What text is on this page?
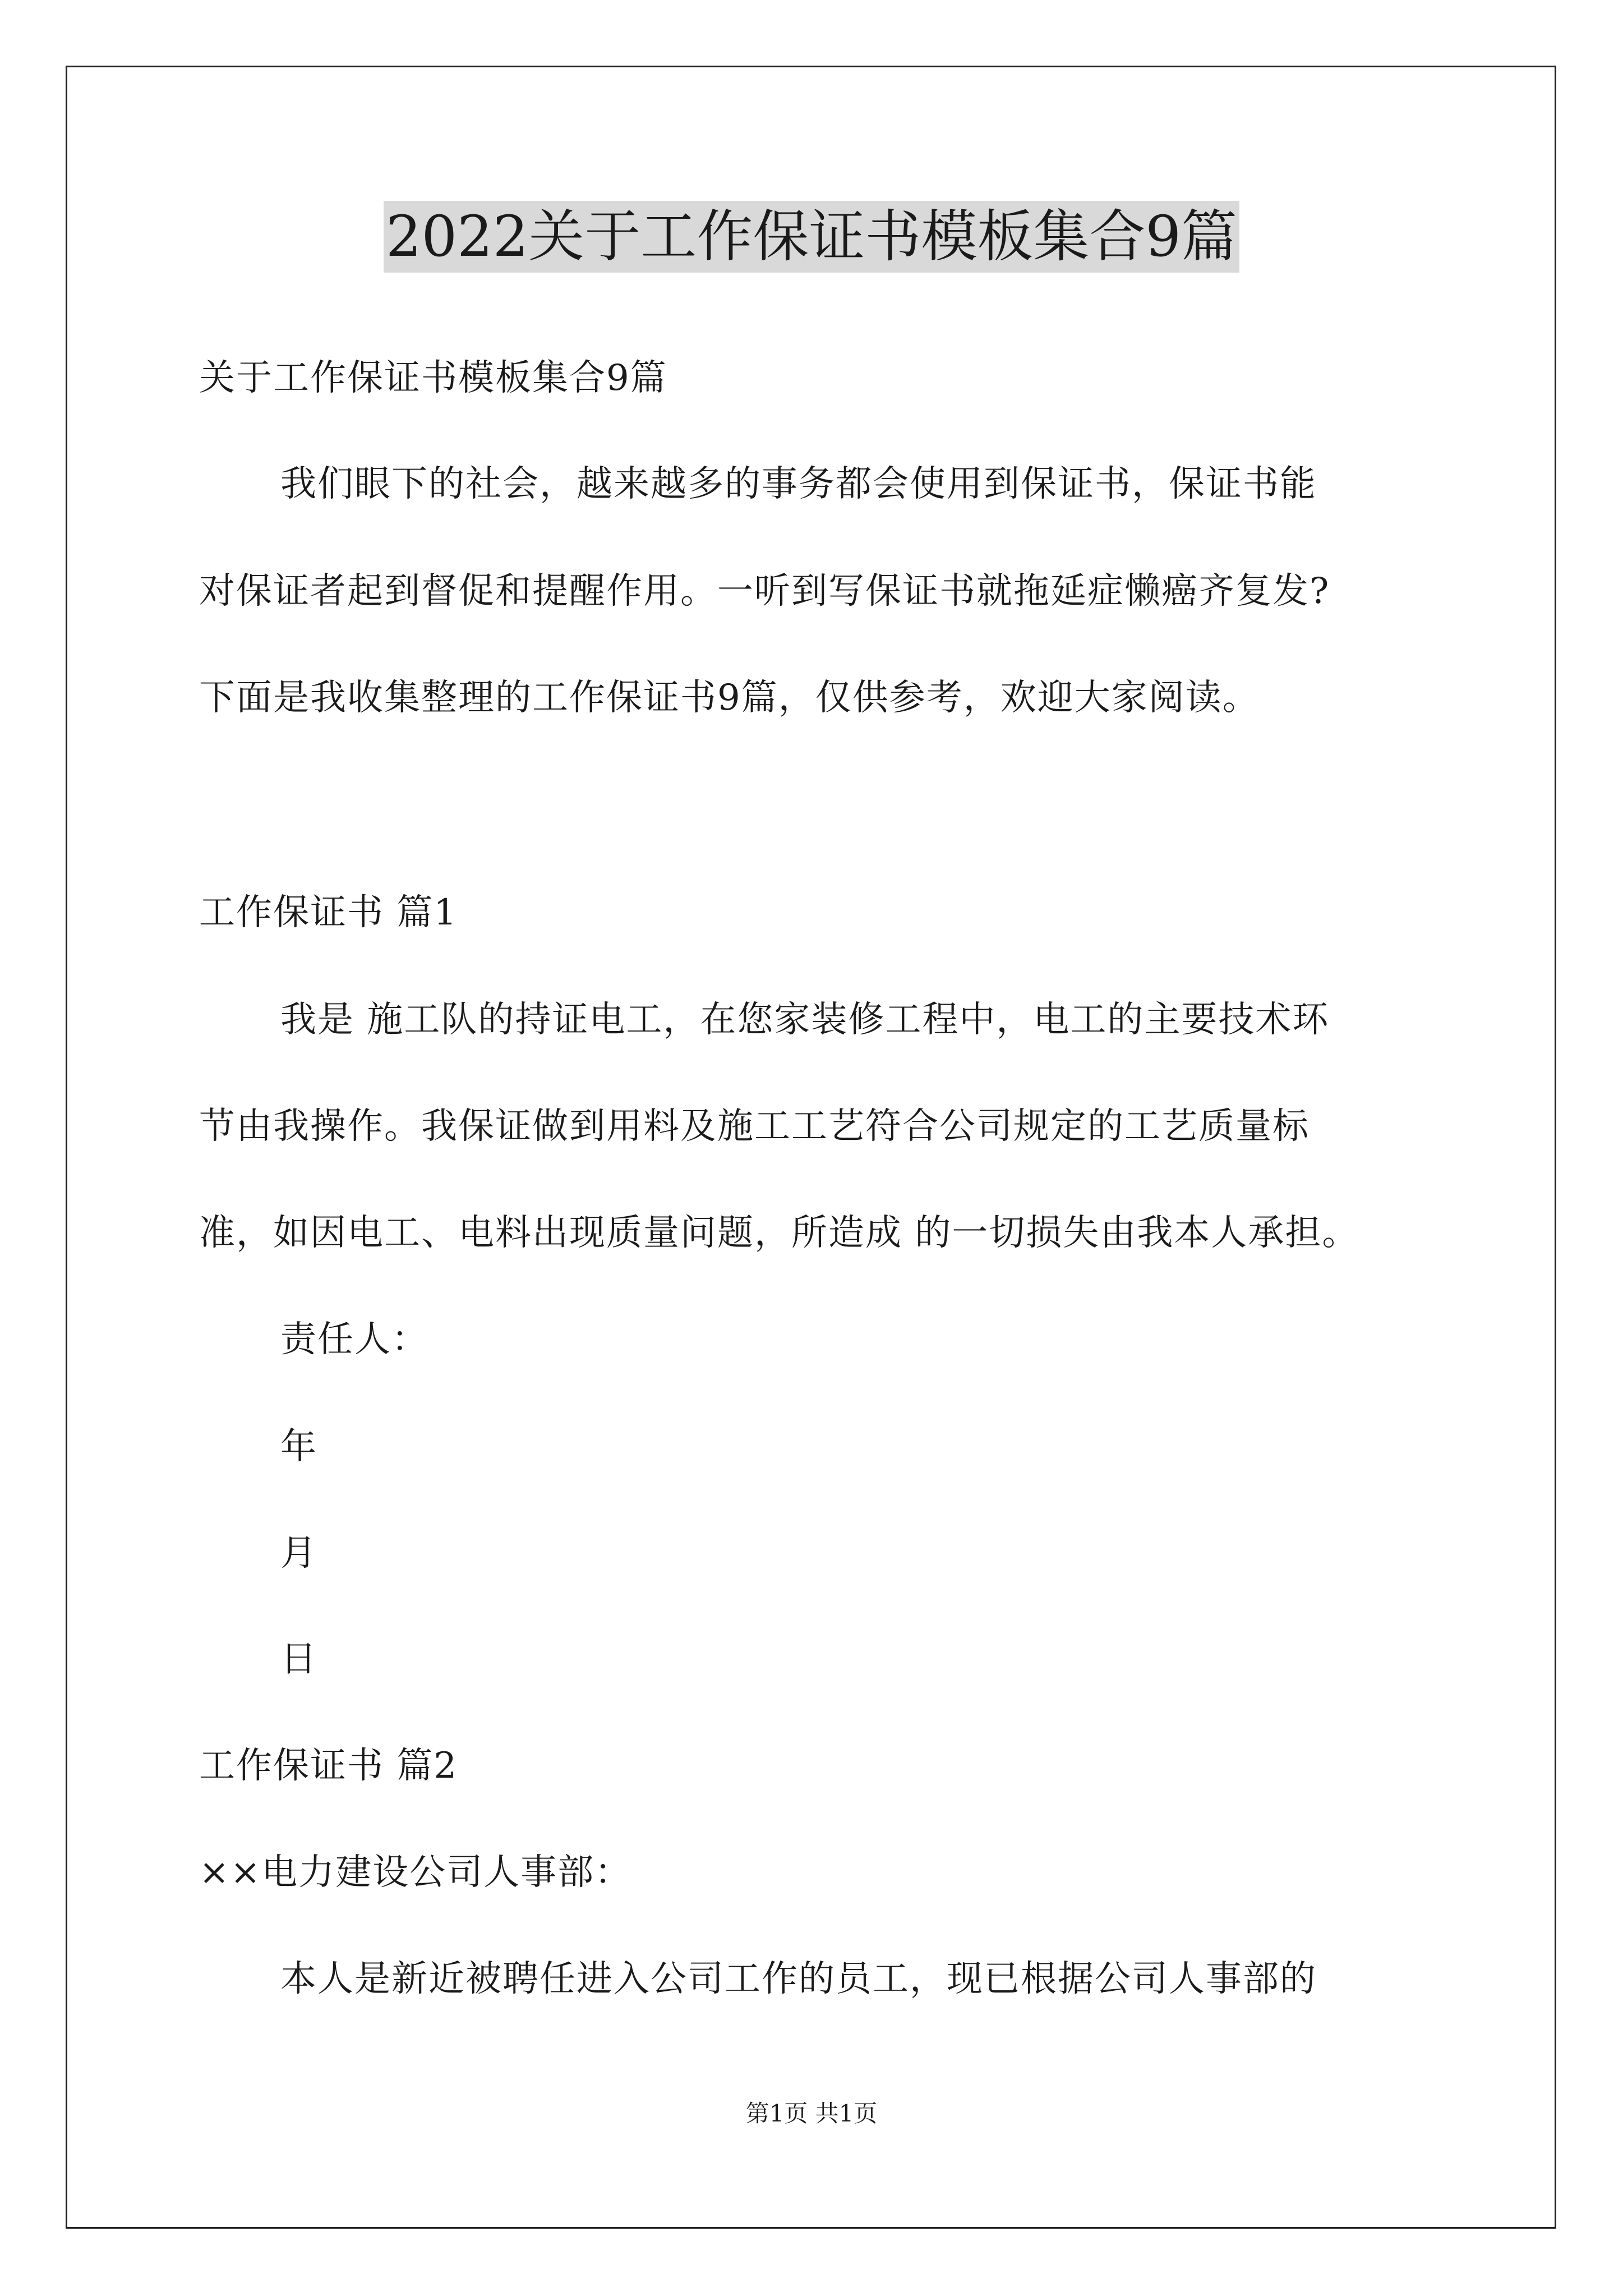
2022关于工作保证书模板集合9篇
关于工作保证书模板集合9篇
我们眼下的社会，越来越多的事务都会使用到保证书，保证书能
对保证者起到督促和提醒作用。一听到写保证书就拖延症懒癌齐复发?
下面是我收集整理的工作保证书9篇，仅供参考，欢迎大家阅读。
工作保证书 篇1
我是 施工队的持证电工，在您家装修工程中，电工的主要技术环
节由我操作。我保证做到用料及施工工艺符合公司规定的工艺质量标
准，如因电工、电料出现质量问题，所造成 的一切损失由我本人承担。
责任人：
年
月
日
工作保证书 篇2
××电力建设公司人事部：
本人是新近被聘任进入公司工作的员工，现已根据公司人事部的
第1页 共1页
